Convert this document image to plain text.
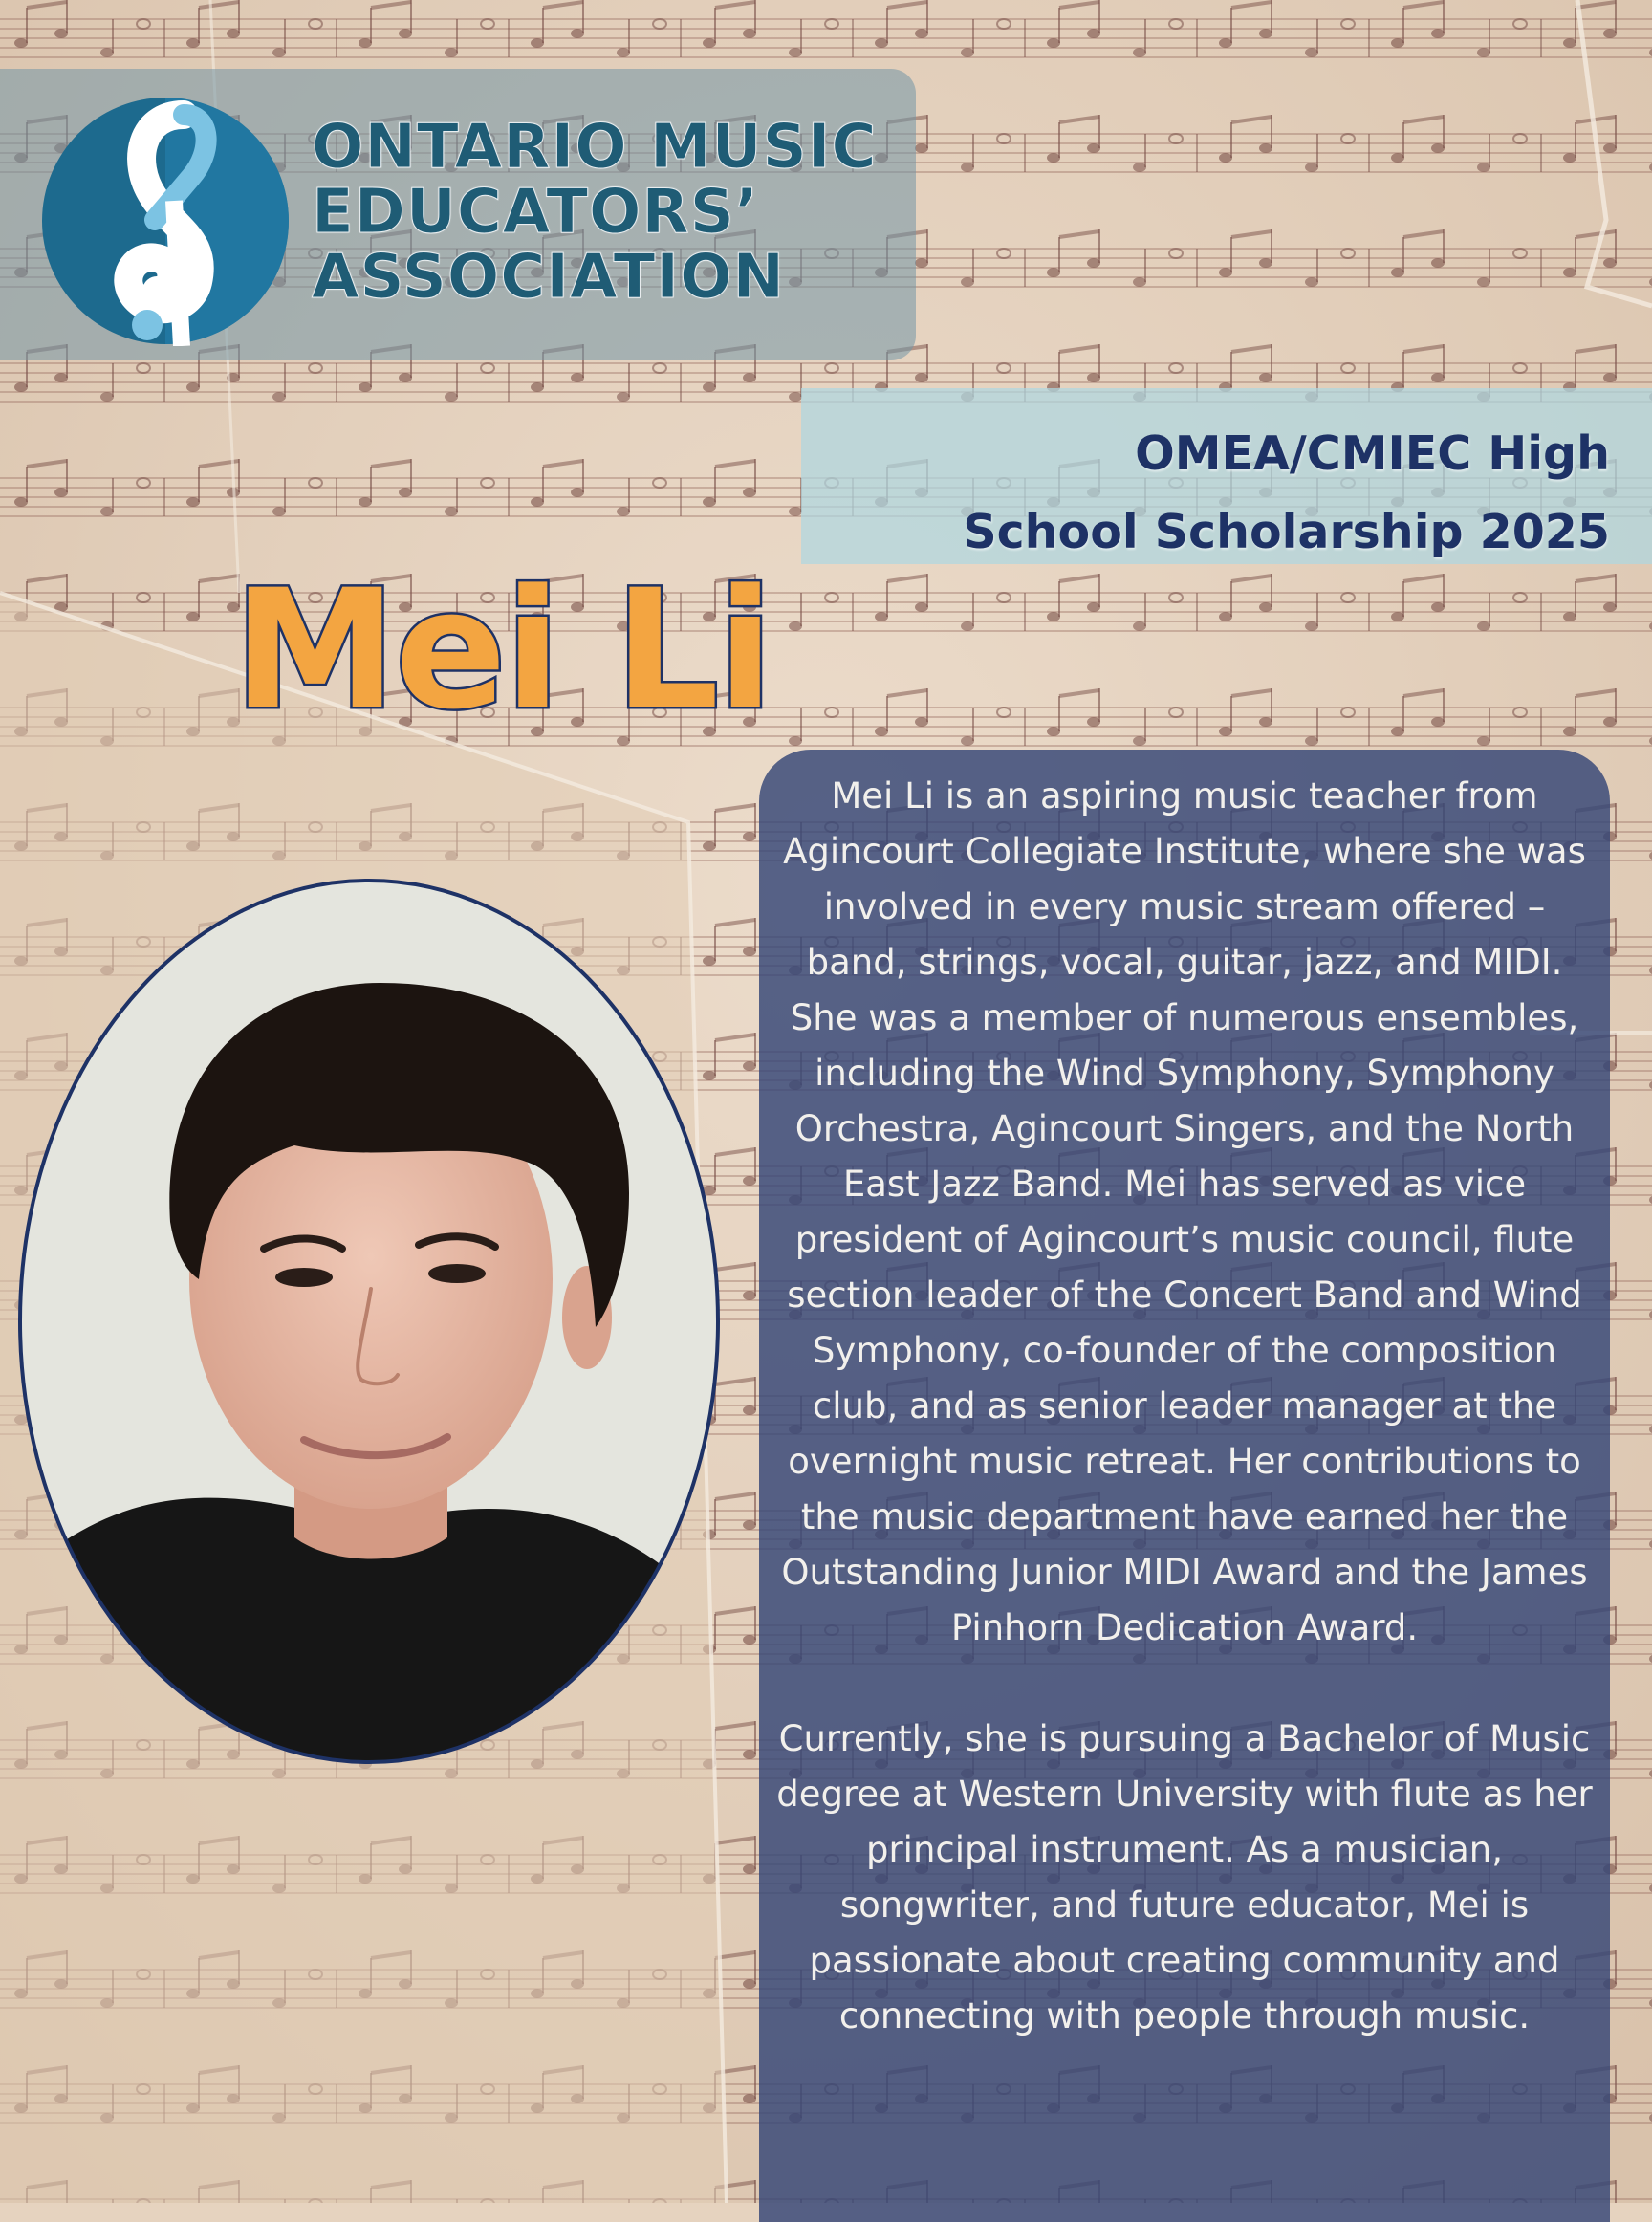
ONTARIO MUSIC
EDUCATORS’
ASSOCIATION
OMEA/CMIEC High
School Scholarship 2025
Mei Li

Mei Li is an aspiring music teacher from Agincourt Collegiate Institute, where she was involved in every music stream offered – band, strings, vocal, guitar, jazz, and MIDI. She was a member of numerous ensembles, including the Wind Symphony, Symphony Orchestra, Agincourt Singers, and the North East Jazz Band. Mei has served as vice president of Agincourt’s music council, flute section leader of the Concert Band and Wind Symphony, co-founder of the composition club, and as senior leader manager at the overnight music retreat. Her contributions to the music department have earned her the Outstanding Junior MIDI Award and the James Pinhorn Dedication Award.

Currently, she is pursuing a Bachelor of Music degree at Western University with flute as her principal instrument. As a musician, songwriter, and future educator, Mei is passionate about creating community and connecting with people through music.
